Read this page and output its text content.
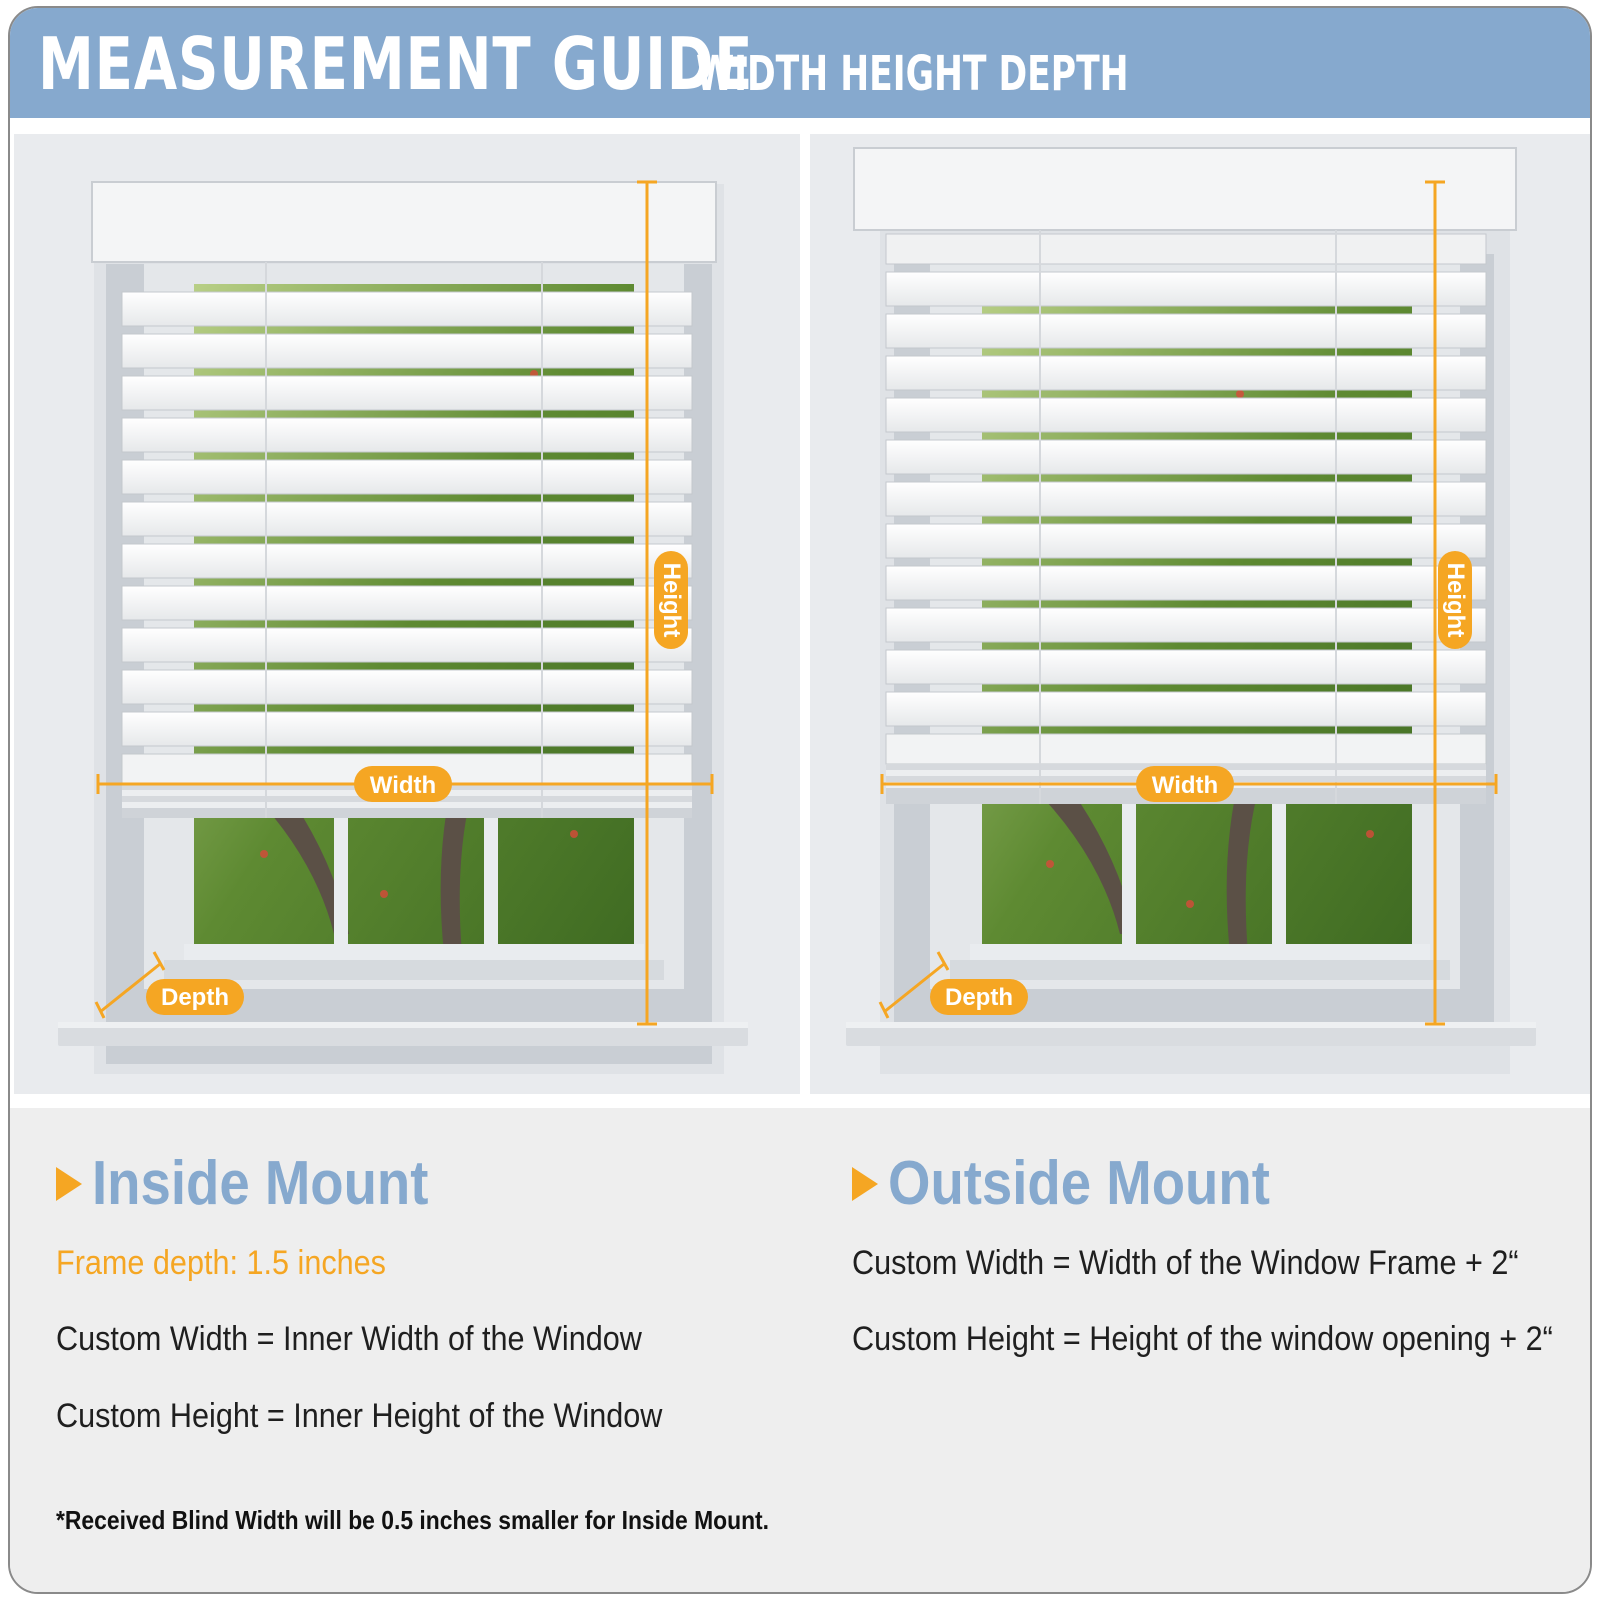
MEASUREMENT GUIDE
WIDTH HEIGHT DEPTH
Height
Width
Depth
Height
Width
Depth
Inside Mount
Frame depth: 1.5 inches
Custom Width = Inner Width of the Window
Custom Height = Inner Height of the Window
Outside Mount
Custom Width = Width of the Window Frame + 2“
Custom Height = Height of the window opening + 2“
*Received Blind Width will be 0.5 inches smaller for Inside Mount.
